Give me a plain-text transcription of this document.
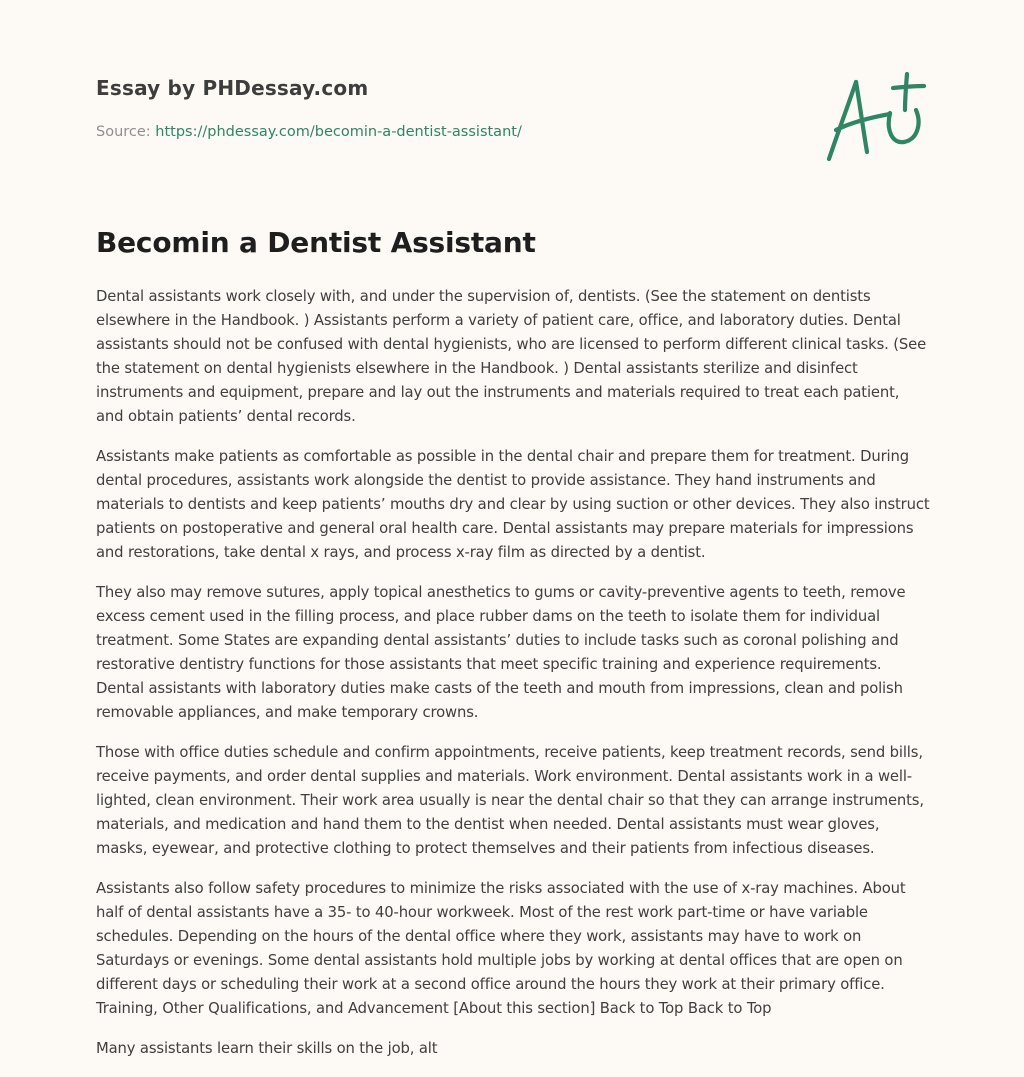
Essay by PHDessay.com
Source: https://phdessay.com/becomin-a-dentist-assistant/
Becomin a Dentist Assistant

Dental assistants work closely with, and under the supervision of, dentists. (See the statement on dentists elsewhere in the Handbook. ) Assistants perform a variety of patient care, office, and laboratory duties. Dental assistants should not be confused with dental hygienists, who are licensed to perform different clinical tasks. (See the statement on dental hygienists elsewhere in the Handbook. ) Dental assistants sterilize and disinfect instruments and equipment, prepare and lay out the instruments and materials required to treat each patient, and obtain patients’ dental records.

Assistants make patients as comfortable as possible in the dental chair and prepare them for treatment. During dental procedures, assistants work alongside the dentist to provide assistance. They hand instruments and materials to dentists and keep patients’ mouths dry and clear by using suction or other devices. They also instruct patients on postoperative and general oral health care. Dental assistants may prepare materials for impressions and restorations, take dental x rays, and process x-ray film as directed by a dentist.

They also may remove sutures, apply topical anesthetics to gums or cavity-preventive agents to teeth, remove excess cement used in the filling process, and place rubber dams on the teeth to isolate them for individual treatment. Some States are expanding dental assistants’ duties to include tasks such as coronal polishing and restorative dentistry functions for those assistants that meet specific training and experience requirements. Dental assistants with laboratory duties make casts of the teeth and mouth from impressions, clean and polish removable appliances, and make temporary crowns.

Those with office duties schedule and confirm appointments, receive patients, keep treatment records, send bills, receive payments, and order dental supplies and materials. Work environment. Dental assistants work in a well-lighted, clean environment. Their work area usually is near the dental chair so that they can arrange instruments, materials, and medication and hand them to the dentist when needed. Dental assistants must wear gloves, masks, eyewear, and protective clothing to protect themselves and their patients from infectious diseases.

Assistants also follow safety procedures to minimize the risks associated with the use of x-ray machines. About half of dental assistants have a 35- to 40-hour workweek. Most of the rest work part-time or have variable schedules. Depending on the hours of the dental office where they work, assistants may have to work on Saturdays or evenings. Some dental assistants hold multiple jobs by working at dental offices that are open on different days or scheduling their work at a second office around the hours they work at their primary office. Training, Other Qualifications, and Advancement [About this section] Back to Top Back to Top

Many assistants learn their skills on the job, alt
